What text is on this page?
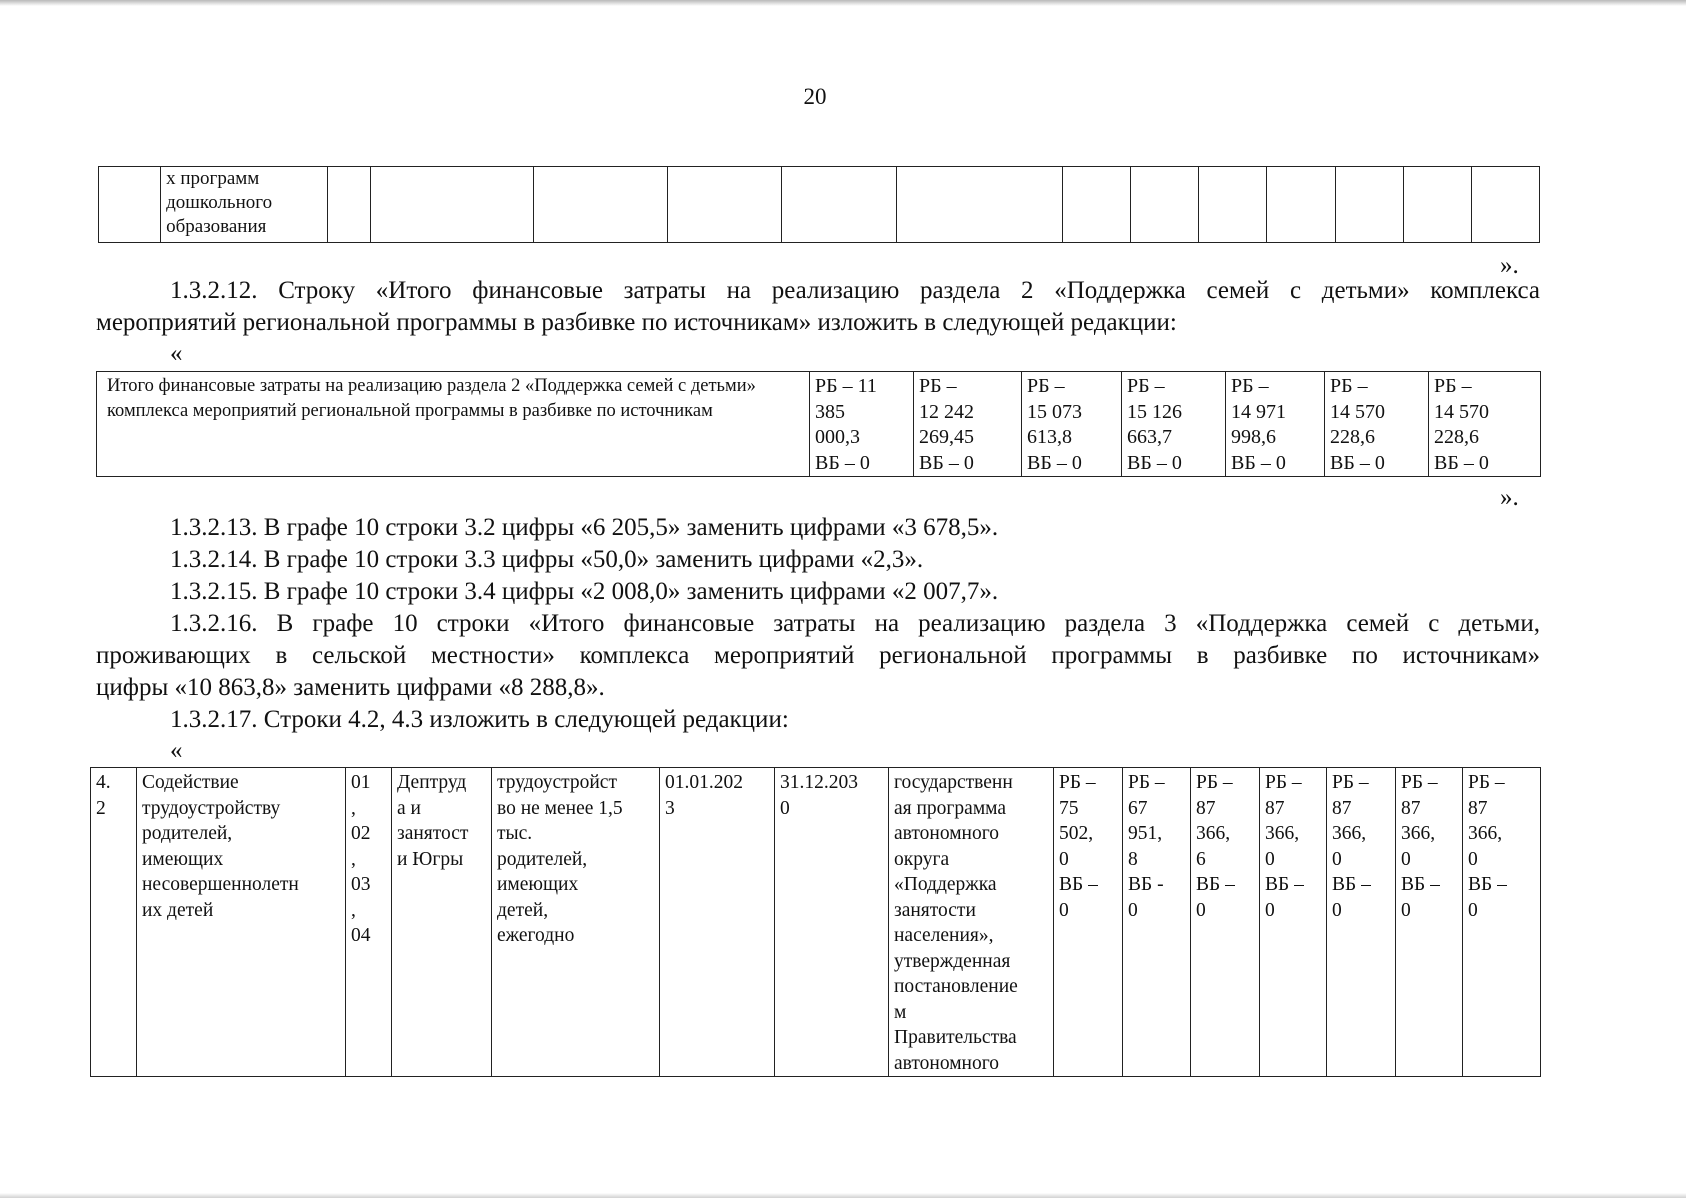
20
	х программ
дошкольного
образования													
».
1.3.2.12. Строку «Итого финансовые затраты на реализацию раздела 2 «Поддержка семей с детьми» комплекса
мероприятий региональной программы в разбивке по источникам» изложить в следующей редакции:
«
Итого финансовые затраты на реализацию раздела 2 «Поддержка семей с детьми» комплекса мероприятий региональной программы в разбивке по источникам	РБ – 11
385
000,3
ВБ – 0	РБ –
12 242
269,45
ВБ – 0	РБ –
15 073
613,8
ВБ – 0	РБ –
15 126
663,7
ВБ – 0	РБ –
14 971
998,6
ВБ – 0	РБ –
14 570
228,6
ВБ – 0	РБ –
14 570
228,6
ВБ – 0
».
1.3.2.13. В графе 10 строки 3.2 цифры «6 205,5» заменить цифрами «3 678,5».
1.3.2.14. В графе 10 строки 3.3 цифры «50,0» заменить цифрами «2,3».
1.3.2.15. В графе 10 строки 3.4 цифры «2 008,0» заменить цифрами «2 007,7».
1.3.2.16. В графе 10 строки «Итого финансовые затраты на реализацию раздела 3 «Поддержка семей с детьми,
проживающих в сельской местности» комплекса мероприятий региональной программы в разбивке по источникам»
цифры «10 863,8» заменить цифрами «8 288,8».
1.3.2.17. Строки 4.2, 4.3 изложить в следующей редакции:
«
4.
2	Содействие
трудоустройству
родителей,
имеющих
несовершеннолетн
их детей	01
,
02
,
03
,
04	Дептруд
а и
занятост
и Югры	трудоустройст
во не менее 1,5
тыс.
родителей,
имеющих
детей,
ежегодно	01.01.202
3	31.12.203
0	государственн
ая программа
автономного
округа
«Поддержка
занятости
населения»,
утвержденная
постановление
м
Правительства
автономного	РБ –
75
502,
0
ВБ –
0	РБ –
67
951,
8
ВБ -
0	РБ –
87
366,
6
ВБ –
0	РБ –
87
366,
0
ВБ –
0	РБ –
87
366,
0
ВБ –
0	РБ –
87
366,
0
ВБ –
0	РБ –
87
366,
0
ВБ –
0
